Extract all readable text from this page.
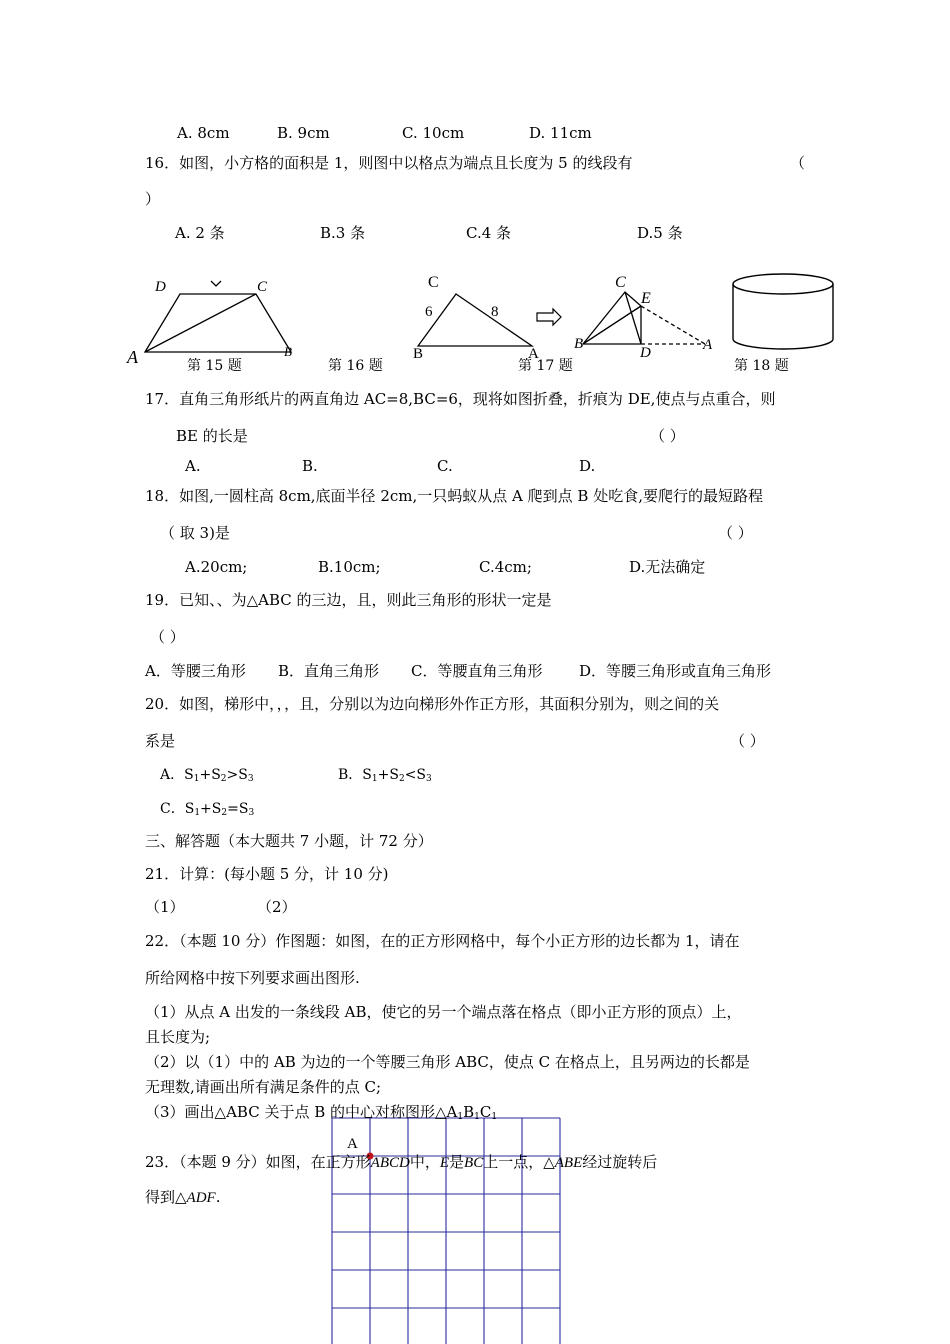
A. 8cm	B. 9cm	C. 10cm	D. 11cm
16．如图，小方格的面积是 1，则图中以格点为端点且长度为 5 的线段有	（
）
A. 2 条	B.3 条	C.4 条	D.5 条
D	C
A	B
第 15 题
C
6	8
B	A
第 16 题
C
E
B
D	A
第 17 题	第 18 题
17．直角三角形纸片的两直角边 AC=8,BC=6，现将如图折叠，折痕为 DE,使点与点重合，则
BE 的长是	（ ）
A.	B.	C.	D.
18．如图,一圆柱高 8cm,底面半径 2cm,一只蚂蚁从点 A 爬到点 B 处吃食,要爬行的最短路程
（ 取 3)是	（ ）
A.20cm;	B.10cm;	C.4cm;	D.无法确定
19．已知、、为△ABC 的三边，且，则此三角形的形状一定是
（ ）
A．等腰三角形 B．直角三角形 C．等腰直角三角形 D．等腰三角形或直角三角形
20．如图，梯形中，，，且，分别以为边向梯形外作正方形，其面积分别为，则之间的关
系是	（ ）
A．$S_1+S_2>S_3$	B．$S_1+S_2<S_3$
C．$S_1+S_2=S_3$
三、解答题（本大题共 7 小题，计 72 分）
21．计算：(每小题 5 分，计 10 分)
（1）	（2）
22．（本题 10 分）作图题：如图，在的正方形网格中，每个小正方形的边长都为 1，请在
所给网格中按下列要求画出图形.
（1）从点 A 出发的一条线段 AB，使它的另一个端点落在格点（即小正方形的顶点）上，
且长度为;
（2）以（1）中的 AB 为边的一个等腰三角形 ABC，使点 C 在格点上，且另两边的长都是
无理数,请画出所有满足条件的点 C;
（3）画出△ABC 关于点 B 的中心对称图形$\triangle A_1B_1C_1$
A
23．（本题 9 分）如图，在正方形ABCD中，E是BC上一点，△ABE经过旋转后
得到△ADF.
